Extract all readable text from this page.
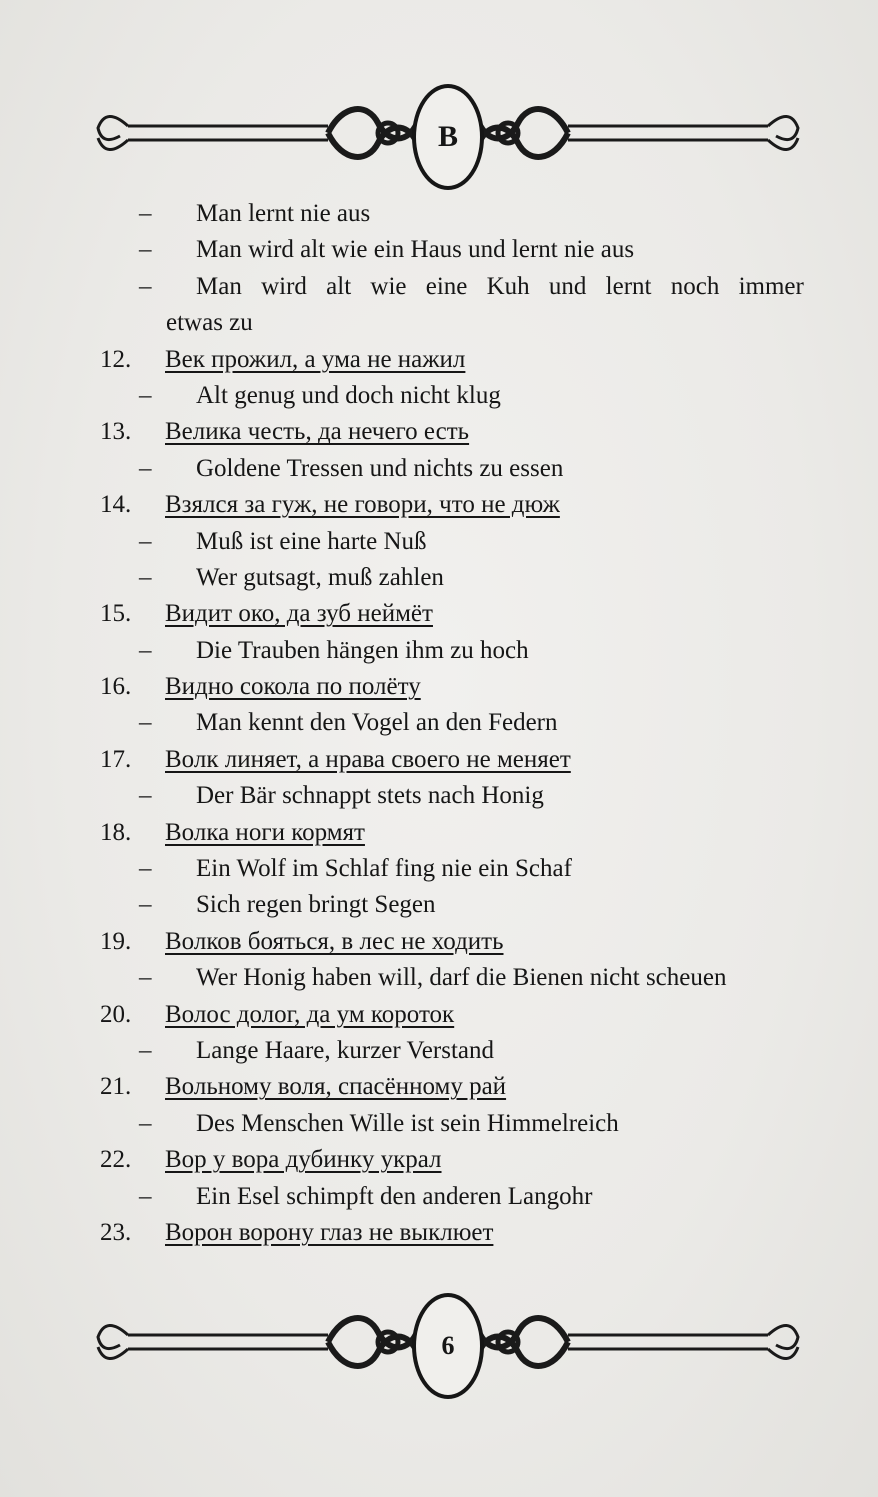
В
– Man lernt nie aus
– Man wird alt wie ein Haus und lernt nie aus
– Man wird alt wie eine Kuh und lernt noch immer
etwas zu
12. Век прожил, а ума не нажил
– Alt genug und doch nicht klug
13. Велика честь, да нечего есть
– Goldene Tressen und nichts zu essen
14. Взялся за гуж, не говори, что не дюж
– Muß ist eine harte Nuß
– Wer gutsagt, muß zahlen
15. Видит око, да зуб неймёт
– Die Trauben hängen ihm zu hoch
16. Видно сокола по полёту
– Man kennt den Vogel an den Federn
17. Волк линяет, а нрава своего не меняет
– Der Bär schnappt stets nach Honig
18. Волка ноги кормят
– Ein Wolf im Schlaf fing nie ein Schaf
– Sich regen bringt Segen
19. Волков бояться, в лес не ходить
– Wer Honig haben will, darf die Bienen nicht scheuen
20. Волос долог, да ум короток
– Lange Haare, kurzer Verstand
21. Вольному воля, спасённому рай
– Des Menschen Wille ist sein Himmelreich
22. Вор у вора дубинку украл
– Ein Esel schimpft den anderen Langohr
23. Ворон ворону глаз не выклюет
6
